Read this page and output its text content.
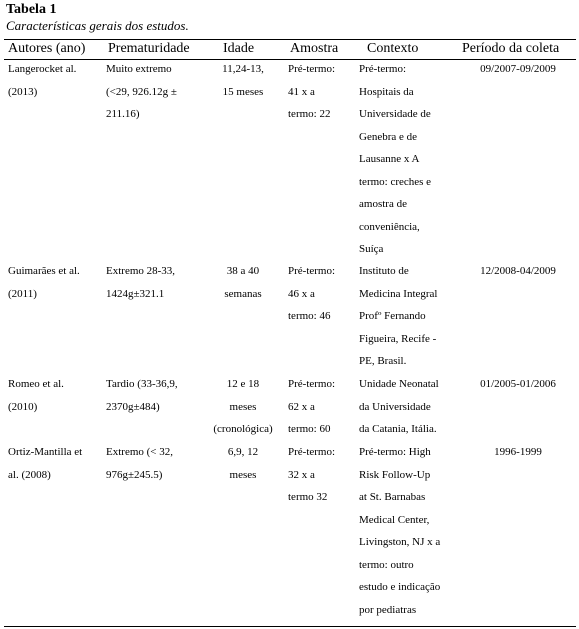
Tabela 1
Características gerais dos estudos.
Autores (ano) Prematuridade Idade	Amostra Contexto	Período da coleta
Langerocket al.
(2013)
Muito extremo
(<29, 926.12g ±
211.16)
11,24-13,
15 meses
Pré-termo:
41 x a
termo: 22
Pré-termo:
Hospitais da
Universidade de
Genebra e de
Lausanne x A
termo: creches e
amostra de
conveniência,
Suíça
09/2007-09/2009
Guimarães et al.
(2011)
Extremo 28-33,
1424g±321.1
38 a 40
semanas
Pré-termo:
46 x a
termo: 46
Instituto de
Medicina Integral
Profº Fernando
Figueira, Recife -
PE, Brasil.
12/2008-04/2009
Romeo et al.
(2010)
Tardio (33-36,9,
2370g±484)
12 e 18
meses
(cronológica)
Pré-termo:
62 x a
termo: 60
Unidade Neonatal
da Universidade
da Catania, Itália.
01/2005-01/2006
Ortiz-Mantilla et
al. (2008)
Extremo (< 32,
976g±245.5)
6,9, 12
meses
Pré-termo:
32 x a
termo 32
Pré-termo: High
Risk Follow-Up
at St. Barnabas
Medical Center,
Livingston, NJ x a
termo: outro
estudo e indicação
por pediatras
1996-1999
